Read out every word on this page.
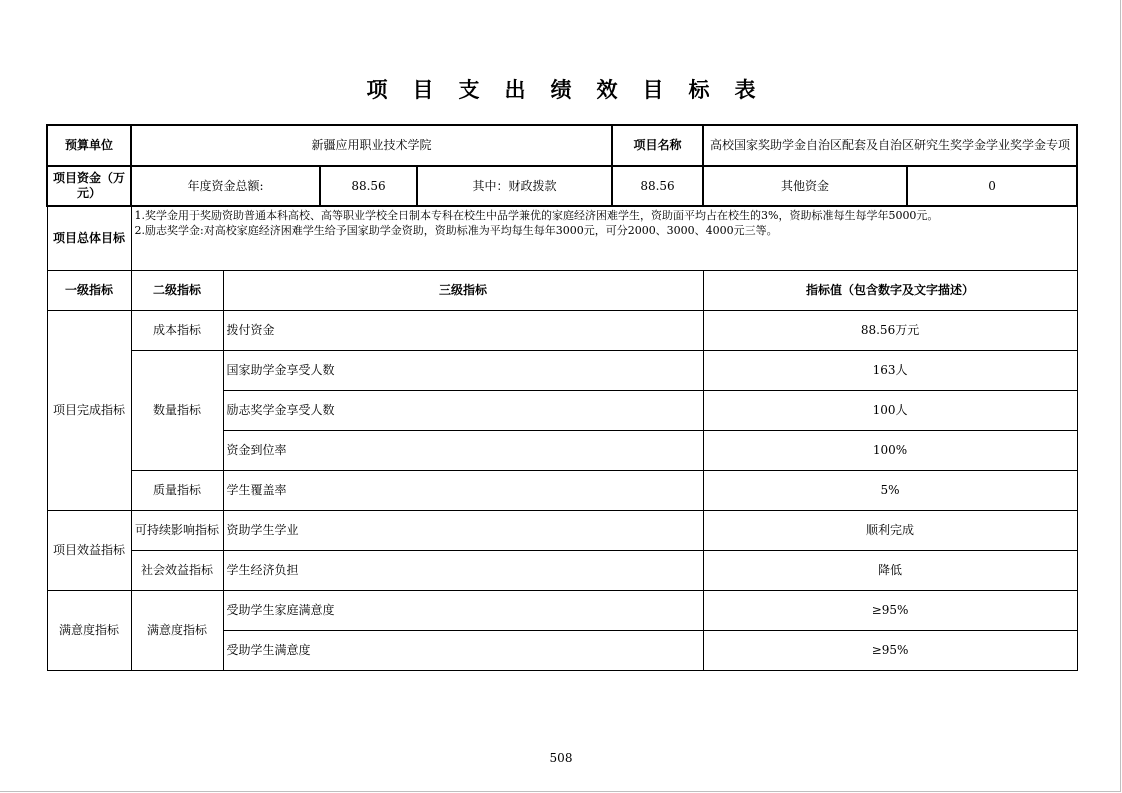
项目支出绩效目标表
预算单位	新疆应用职业技术学院				项目名称	高校国家奖助学金自治区配套及自治区研究生奖学金学业奖学金专项	
项目资金（万元）	年度资金总额:		88.56	其中：财政拨款	88.56	其他资金	0
项目总体目标	1.奖学金用于奖励资助普通本科高校、高等职业学校全日制本专科在校生中品学兼优的家庭经济困难学生，资助面平均占在校生的3%，资助标准每生每学年5000元。
2.励志奖学金:对高校家庭经济困难学生给予国家助学金资助，资助标准为平均每生每年3000元，可分2000、3000、4000元三等。						

一级指标	二级指标	三级指标				指标值（包含数字及文字描述）	
项目完成指标	成本指标	拨付资金				88.56万元	
	数量指标	国家助学金享受人数				163人	
		励志奖学金享受人数				100人	
		资金到位率				100%	
	质量指标	学生覆盖率				5%	
项目效益指标	可持续影响指标	资助学生学业				顺利完成	
	社会效益指标	学生经济负担				降低	
满意度指标	满意度指标	受助学生家庭满意度				≥95%	
		受助学生满意度				≥95%	
508
